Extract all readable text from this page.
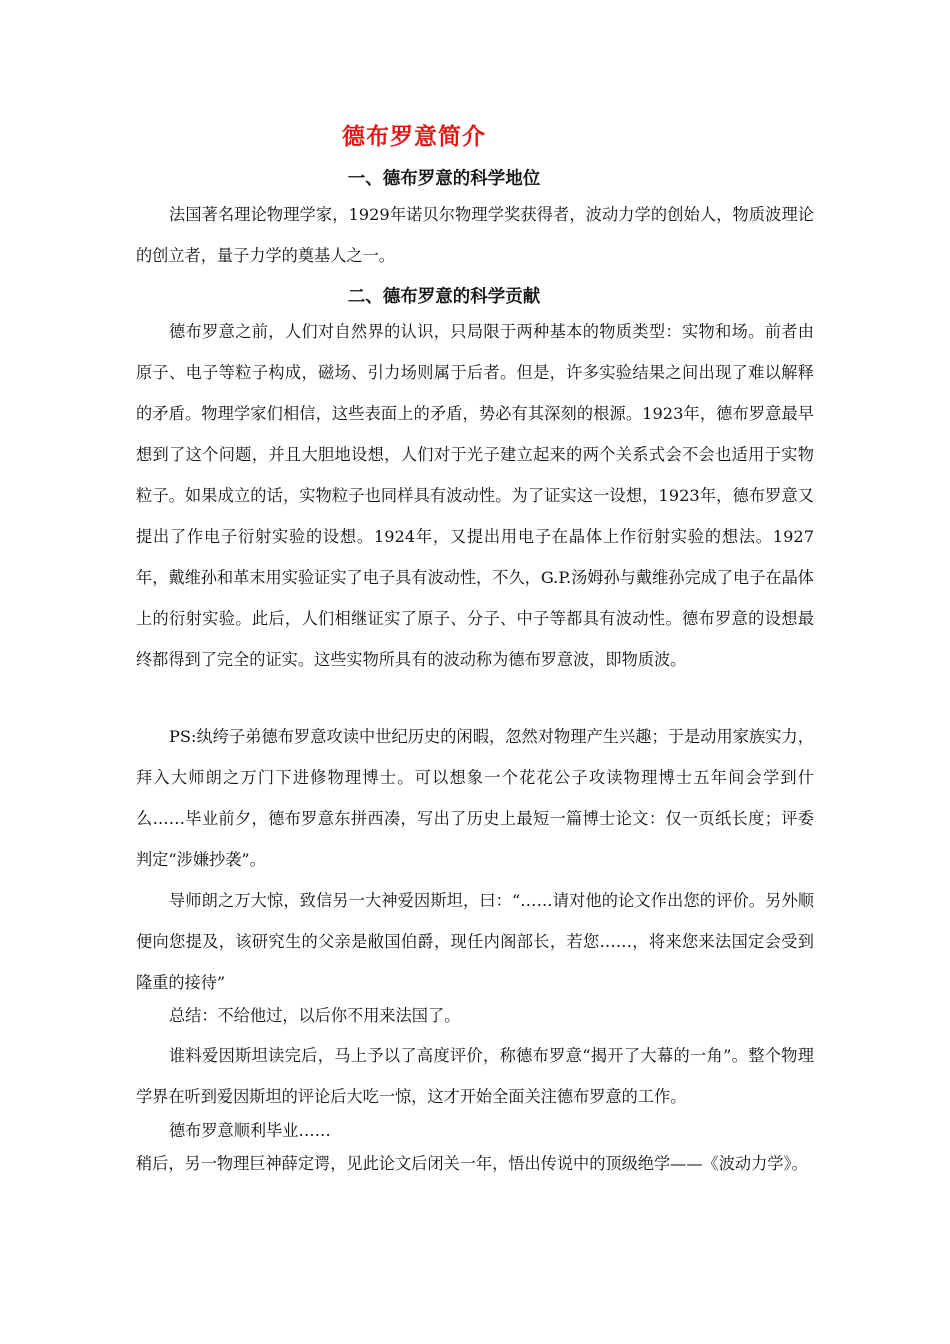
德布罗意简介
一、德布罗意的科学地位

法国著名理论物理学家，1929年诺贝尔物理学奖获得者，波动力学的创始人，物质波理论的创立者，量子力学的奠基人之一。

二、德布罗意的科学贡献

德布罗意之前，人们对自然界的认识，只局限于两种基本的物质类型：实物和场。前者由原子、电子等粒子构成，磁场、引力场则属于后者。但是，许多实验结果之间出现了难以解释的矛盾。物理学家们相信，这些表面上的矛盾，势必有其深刻的根源。1923年，德布罗意最早想到了这个问题，并且大胆地设想，人们对于光子建立起来的两个关系式会不会也适用于实物粒子。如果成立的话，实物粒子也同样具有波动性。为了证实这一设想，1923年，德布罗意又提出了作电子衍射实验的设想。1924年，又提出用电子在晶体上作衍射实验的想法。1927年，戴维孙和革末用实验证实了电子具有波动性，不久，G.P.汤姆孙与戴维孙完成了电子在晶体上的衍射实验。此后，人们相继证实了原子、分子、中子等都具有波动性。德布罗意的设想最终都得到了完全的证实。这些实物所具有的波动称为德布罗意波，即物质波。

PS:纨绔子弟德布罗意攻读中世纪历史的闲暇，忽然对物理产生兴趣；于是动用家族实力，拜入大师朗之万门下进修物理博士。可以想象一个花花公子攻读物理博士五年间会学到什么……毕业前夕，德布罗意东拼西凑，写出了历史上最短一篇博士论文：仅一页纸长度；评委判定“涉嫌抄袭”。

导师朗之万大惊，致信另一大神爱因斯坦，曰：“……请对他的论文作出您的评价。另外顺便向您提及，该研究生的父亲是敝国伯爵，现任内阁部长，若您……，将来您来法国定会受到隆重的接待”

总结：不给他过，以后你不用来法国了。

谁料爱因斯坦读完后，马上予以了高度评价，称德布罗意“揭开了大幕的一角”。整个物理学界在听到爱因斯坦的评论后大吃一惊，这才开始全面关注德布罗意的工作。

德布罗意顺利毕业……

稍后，另一物理巨神薛定谔，见此论文后闭关一年，悟出传说中的顶级绝学——《波动力学》。
